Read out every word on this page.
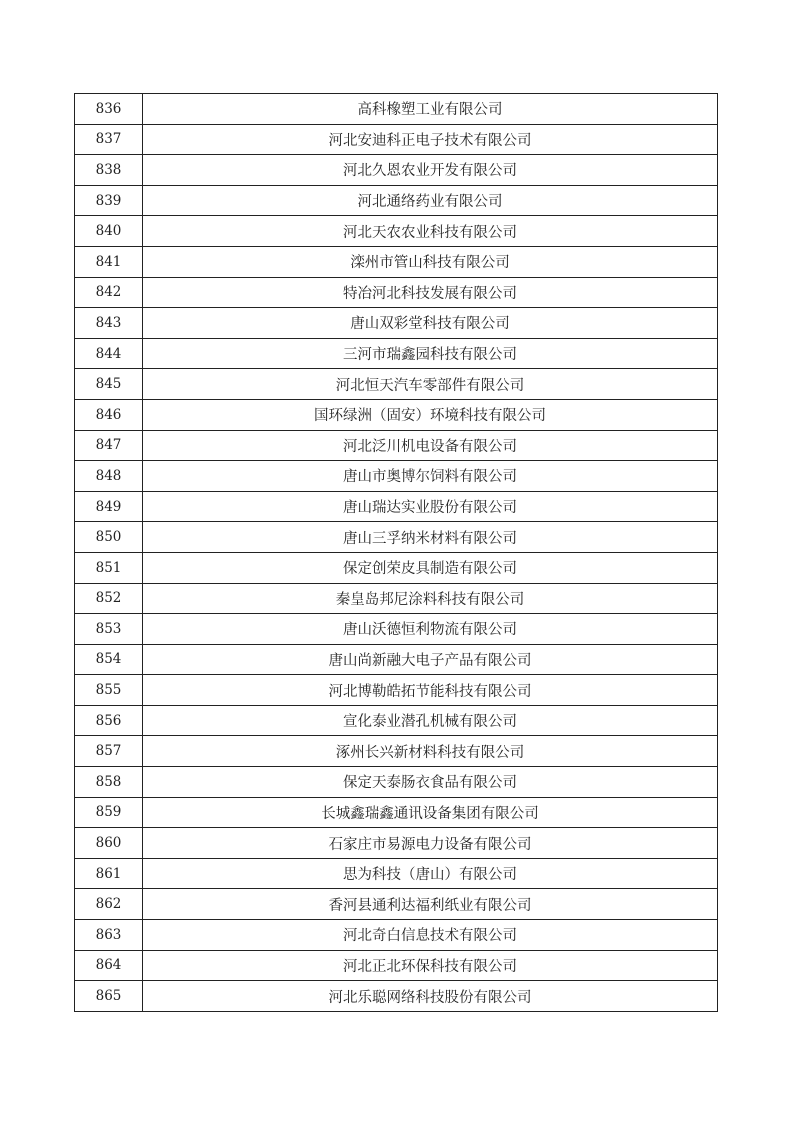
836	高科橡塑工业有限公司
837	河北安迪科正电子技术有限公司
838	河北久恩农业开发有限公司
839	河北通络药业有限公司
840	河北天农农业科技有限公司
841	滦州市管山科技有限公司
842	特冶河北科技发展有限公司
843	唐山双彩堂科技有限公司
844	三河市瑞鑫园科技有限公司
845	河北恒天汽车零部件有限公司
846	国环绿洲（固安）环境科技有限公司
847	河北泛川机电设备有限公司
848	唐山市奥博尔饲料有限公司
849	唐山瑞达实业股份有限公司
850	唐山三孚纳米材料有限公司
851	保定创荣皮具制造有限公司
852	秦皇岛邦尼涂料科技有限公司
853	唐山沃德恒利物流有限公司
854	唐山尚新融大电子产品有限公司
855	河北博勒皓拓节能科技有限公司
856	宣化泰业潜孔机械有限公司
857	涿州长兴新材料科技有限公司
858	保定天泰肠衣食品有限公司
859	长城鑫瑞鑫通讯设备集团有限公司
860	石家庄市易源电力设备有限公司
861	思为科技（唐山）有限公司
862	香河县通利达福利纸业有限公司
863	河北奇白信息技术有限公司
864	河北正北环保科技有限公司
865	河北乐聪网络科技股份有限公司
